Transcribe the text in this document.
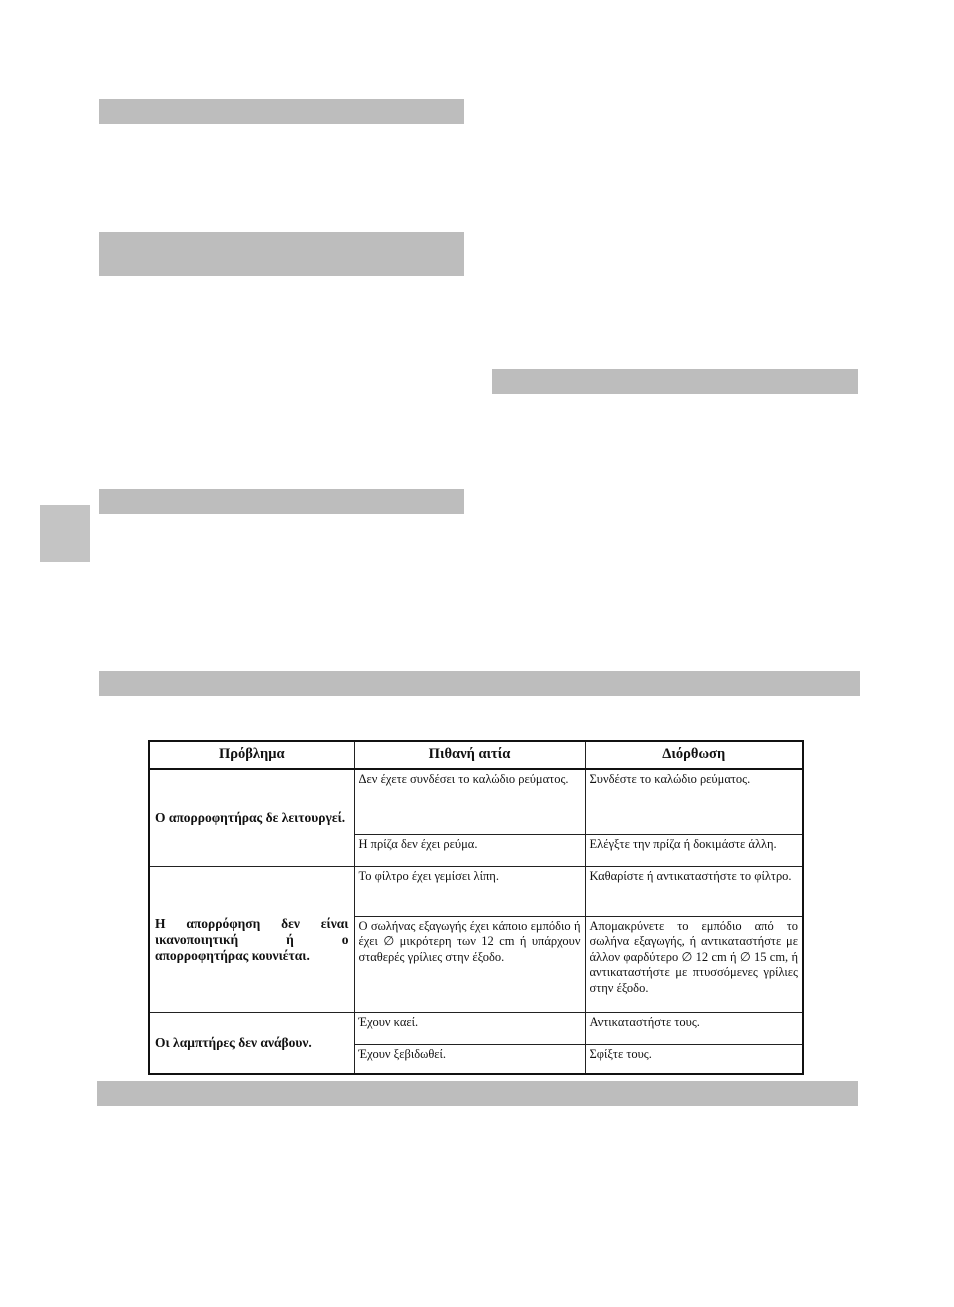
Πρόβλημα	Πιθανή αιτία	Διόρθωση
Ο απορροφητήρας δε λειτουργεί.	Δεν έχετε συνδέσει το καλώδιο ρεύματος.	Συνδέστε το καλώδιο ρεύματος.
	Η πρίζα δεν έχει ρεύμα.	Ελέγξτε την πρίζα ή δοκιμάστε άλλη.
Η απορρόφηση δεν είναι ικανοποιητική ή ο απορροφητήρας κουνιέται.	Το φίλτρο έχει γεμίσει λίπη.	Καθαρίστε ή αντικαταστήστε το φίλτρο.
	Ο σωλήνας εξαγωγής έχει κάποιο εμπόδιο ή έχει ∅ μικρότερη των 12 cm ή υπάρχουν σταθερές γρίλιες στην έξοδο.	Απομακρύνετε το εμπόδιο από το σωλήνα εξαγωγής, ή αντικαταστήστε με άλλον φαρδύτερο ∅ 12 cm ή ∅ 15 cm, ή αντικαταστήστε με πτυσσόμενες γρίλιες στην έξοδο.
Οι λαμπτήρες δεν ανάβουν.	Έχουν καεί.	Αντικαταστήστε τους.
	Έχουν ξεβιδωθεί.	Σφίξτε τους.
